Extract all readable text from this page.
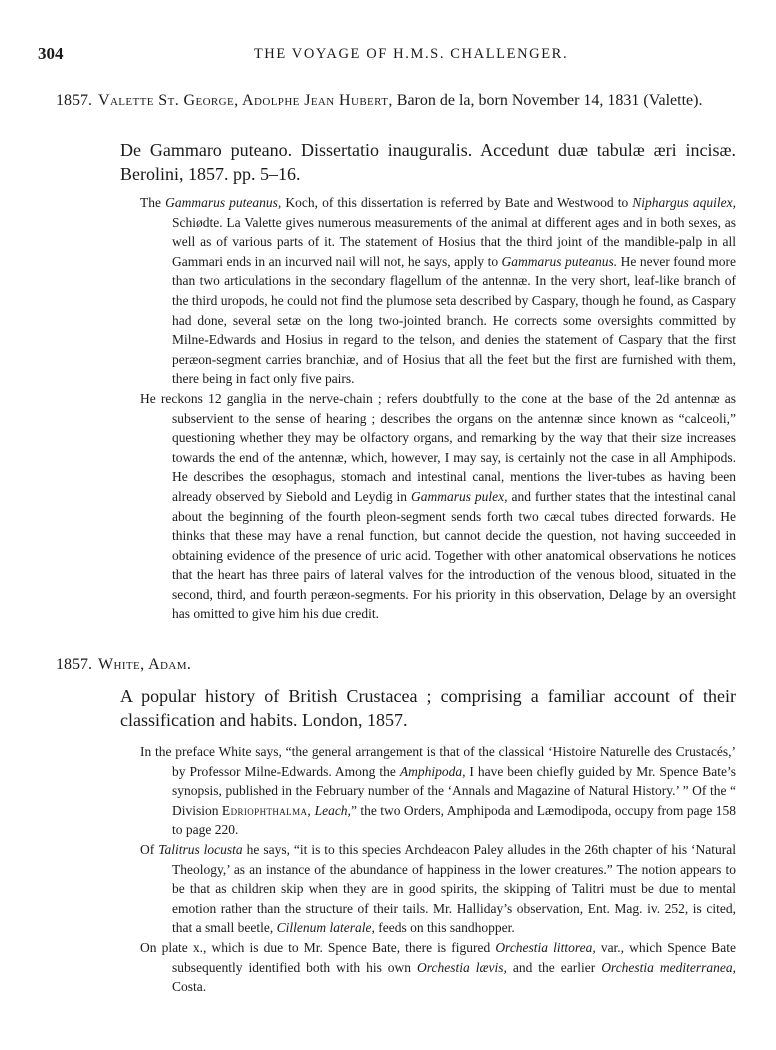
304	THE VOYAGE OF H.M.S. CHALLENGER.
1857. Valette St. George, Adolphe Jean Hubert, Baron de la, born November 14, 1831 (Valette).
De Gammaro puteano. Dissertatio inauguralis. Accedunt duæ tabulæ æri incisæ. Berolini, 1857. pp. 5–16.

The Gammarus puteanus, Koch, of this dissertation is referred by Bate and Westwood to Niphargus aquilex, Schiødte. La Valette gives numerous measurements of the animal at different ages and in both sexes, as well as of various parts of it. The statement of Hosius that the third joint of the mandible-palp in all Gammari ends in an incurved nail will not, he says, apply to Gammarus puteanus. He never found more than two articulations in the secondary flagellum of the antennæ. In the very short, leaf-like branch of the third uropods, he could not find the plumose seta described by Caspary, though he found, as Caspary had done, several setæ on the long two-jointed branch. He corrects some oversights committed by Milne-Edwards and Hosius in regard to the telson, and denies the statement of Caspary that the first peræon-segment carries branchiæ, and of Hosius that all the feet but the first are furnished with them, there being in fact only five pairs.

He reckons 12 ganglia in the nerve-chain ; refers doubtfully to the cone at the base of the 2d antennæ as subservient to the sense of hearing ; describes the organs on the antennæ since known as “calceoli,” questioning whether they may be olfactory organs, and remarking by the way that their size increases towards the end of the antennæ, which, however, I may say, is certainly not the case in all Amphipods. He describes the œsophagus, stomach and intestinal canal, mentions the liver-tubes as having been already observed by Siebold and Leydig in Gammarus pulex, and further states that the intestinal canal about the beginning of the fourth pleon-segment sends forth two cæcal tubes directed forwards. He thinks that these may have a renal function, but cannot decide the question, not having succeeded in obtaining evidence of the presence of uric acid. Together with other anatomical observations he notices that the heart has three pairs of lateral valves for the introduction of the venous blood, situated in the second, third, and fourth peræon-segments. For his priority in this observation, Delage by an oversight has omitted to give him his due credit.

1857. White, Adam.
A popular history of British Crustacea ; comprising a familiar account of their classification and habits. London, 1857.

In the preface White says, “the general arrangement is that of the classical ‘Histoire Naturelle des Crustacés,’ by Professor Milne-Edwards. Among the Amphipoda, I have been chiefly guided by Mr. Spence Bate’s synopsis, published in the February number of the ‘Annals and Magazine of Natural History.’ ” Of the “ Division Edriophthalma, Leach,” the two Orders, Amphipoda and Læmodipoda, occupy from page 158 to page 220.

Of Talitrus locusta he says, “it is to this species Archdeacon Paley alludes in the 26th chapter of his ‘Natural Theology,’ as an instance of the abundance of happiness in the lower creatures.” The notion appears to be that as children skip when they are in good spirits, the skipping of Talitri must be due to mental emotion rather than the structure of their tails. Mr. Halliday’s observation, Ent. Mag. iv. 252, is cited, that a small beetle, Cillenum laterale, feeds on this sandhopper.

On plate x., which is due to Mr. Spence Bate, there is figured Orchestia littorea, var., which Spence Bate subsequently identified both with his own Orchestia lævis, and the earlier Orchestia mediterranea, Costa.
